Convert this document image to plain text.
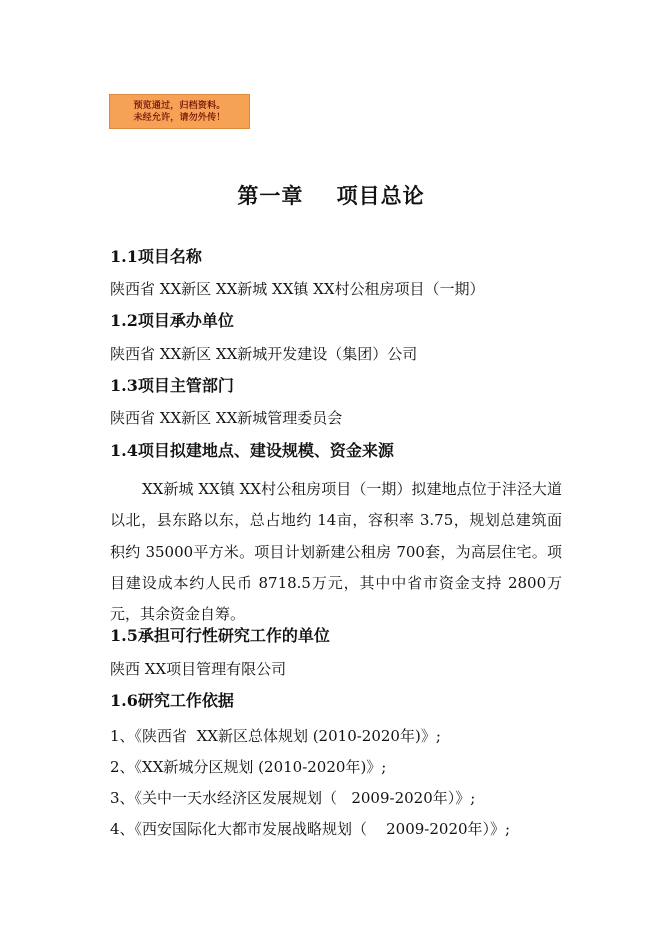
预览通过，归档资料。
未经允许，请勿外传！
第一章    项目总论
1.1项目名称
陕西省 XX新区 XX新城 XX镇 XX村公租房项目（一期）
1.2项目承办单位
陕西省 XX新区 XX新城开发建设（集团）公司
1.3项目主管部门
陕西省 XX新区 XX新城管理委员会
1.4项目拟建地点、建设规模、资金来源

XX新城 XX镇 XX村公租房项目（一期）拟建地点位于沣泾大道以北，县东路以东，总占地约 14亩，容积率 3.75，规划总建筑面积约 35000平方米。项目计划新建公租房 700套，为高层住宅。项目建设成本约人民币 8718.5万元，其中中省市资金支持 2800万元，其余资金自筹。

1.5承担可行性研究工作的单位
陕西 XX项目管理有限公司
1.6研究工作依据
1、《陕西省  XX新区总体规划 (2010-2020年)》;
2、《XX新城分区规划 (2010-2020年)》;
3、《关中一天水经济区发展规划（   2009-2020年）》;
4、《西安国际化大都市发展战略规划（    2009-2020年）》;
